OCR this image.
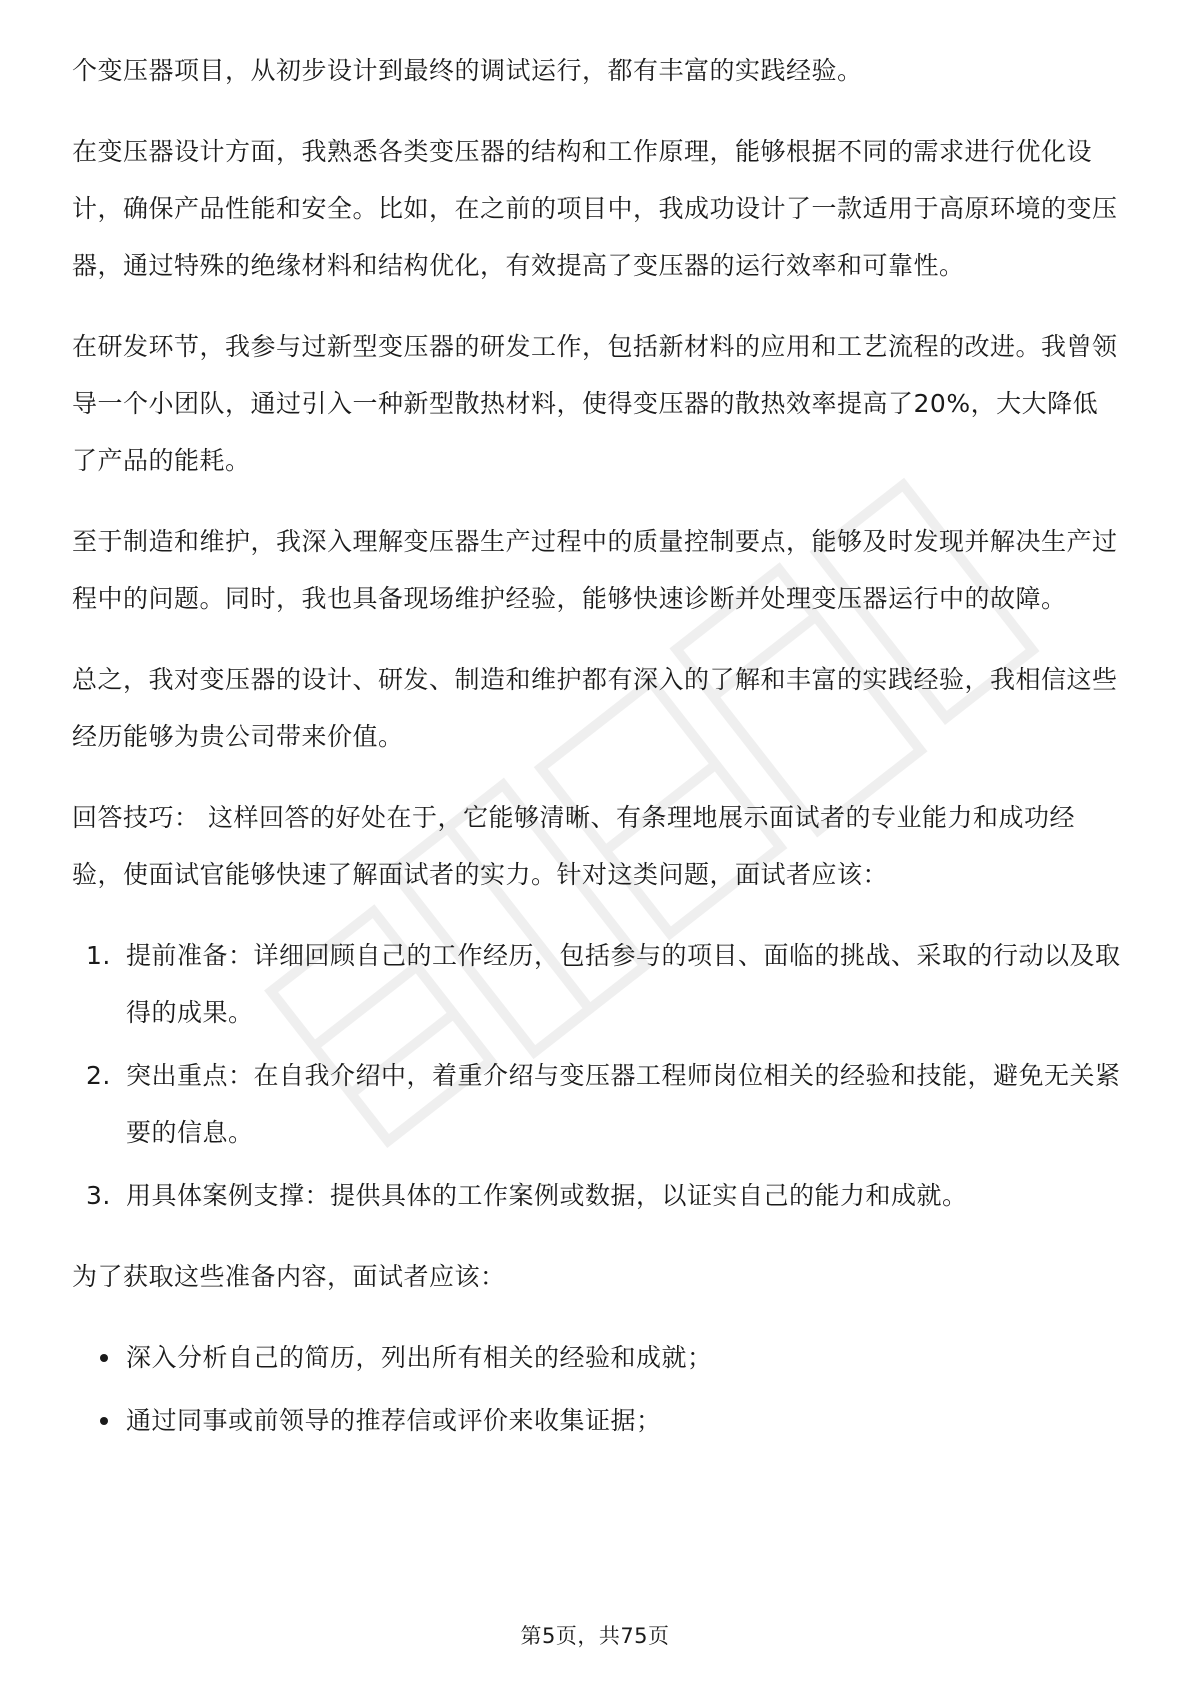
个变压器项目，从初步设计到最终的调试运行，都有丰富的实践经验。

在变压器设计方面，我熟悉各类变压器的结构和工作原理，能够根据不同的需求进行优化设计，确保产品性能和安全。比如，在之前的项目中，我成功设计了一款适用于高原环境的变压器，通过特殊的绝缘材料和结构优化，有效提高了变压器的运行效率和可靠性。

在研发环节，我参与过新型变压器的研发工作，包括新材料的应用和工艺流程的改进。我曾领导一个小团队，通过引入一种新型散热材料，使得变压器的散热效率提高了20%，大大降低了产品的能耗。

至于制造和维护，我深入理解变压器生产过程中的质量控制要点，能够及时发现并解决生产过程中的问题。同时，我也具备现场维护经验，能够快速诊断并处理变压器运行中的故障。

总之，我对变压器的设计、研发、制造和维护都有深入的了解和丰富的实践经验，我相信这些经历能够为贵公司带来价值。

回答技巧： 这样回答的好处在于，它能够清晰、有条理地展示面试者的专业能力和成功经验，使面试官能够快速了解面试者的实力。针对这类问题，面试者应该：

1. 提前准备：详细回顾自己的工作经历，包括参与的项目、面临的挑战、采取的行动以及取得的成果。
2. 突出重点：在自我介绍中，着重介绍与变压器工程师岗位相关的经验和技能，避免无关紧要的信息。
3. 用具体案例支撑：提供具体的工作案例或数据，以证实自己的能力和成就。

为了获取这些准备内容，面试者应该：

深入分析自己的简历，列出所有相关的经验和成就；
通过同事或前领导的推荐信或评价来收集证据；
第5页，共75页
